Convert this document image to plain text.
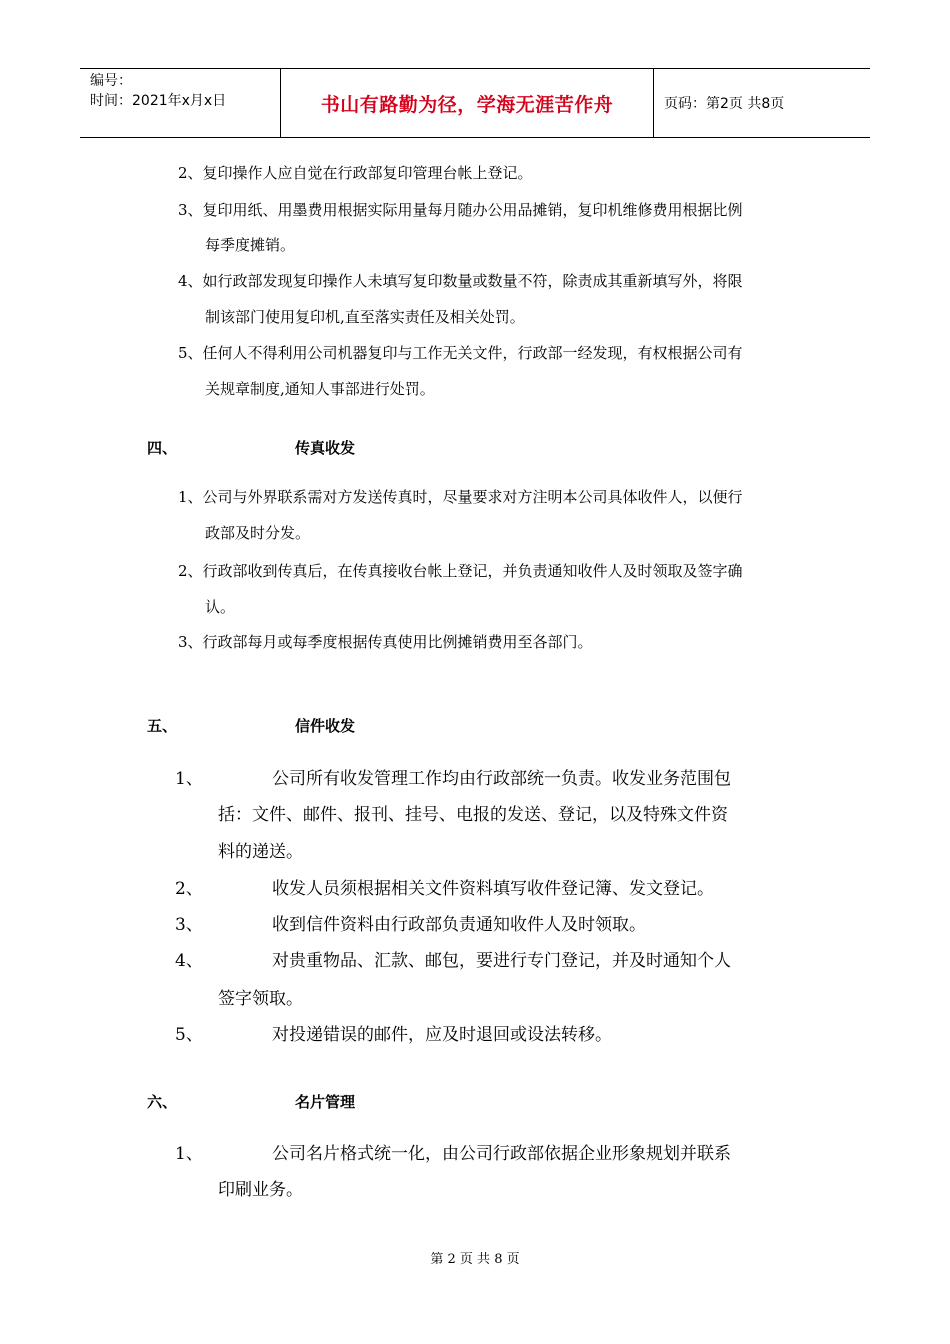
编号：
时间：2021年x月x日	书山有路勤为径，学海无涯苦作舟	页码：第2页 共8页
2、复印操作人应自觉在行政部复印管理台帐上登记。
3、复印用纸、用墨费用根据实际用量每月随办公用品摊销，复印机维修费用根据比例
每季度摊销。
4、如行政部发现复印操作人未填写复印数量或数量不符，除责成其重新填写外，将限
制该部门使用复印机,直至落实责任及相关处罚。
5、任何人不得利用公司机器复印与工作无关文件，行政部一经发现，有权根据公司有
关规章制度,通知人事部进行处罚。
四、	传真收发
1、公司与外界联系需对方发送传真时，尽量要求对方注明本公司具体收件人，以便行
政部及时分发。
2、行政部收到传真后，在传真接收台帐上登记，并负责通知收件人及时领取及签字确
认。
3、行政部每月或每季度根据传真使用比例摊销费用至各部门。
五、	信件收发
1、	公司所有收发管理工作均由行政部统一负责。收发业务范围包
括：文件、邮件、报刊、挂号、电报的发送、登记，以及特殊文件资
料的递送。
2、	收发人员须根据相关文件资料填写收件登记簿、发文登记。
3、	收到信件资料由行政部负责通知收件人及时领取。
4、	对贵重物品、汇款、邮包，要进行专门登记，并及时通知个人
签字领取。
5、	对投递错误的邮件，应及时退回或设法转移。
六、	名片管理
1、	公司名片格式统一化，由公司行政部依据企业形象规划并联系
印刷业务。
第 2 页 共 8 页
